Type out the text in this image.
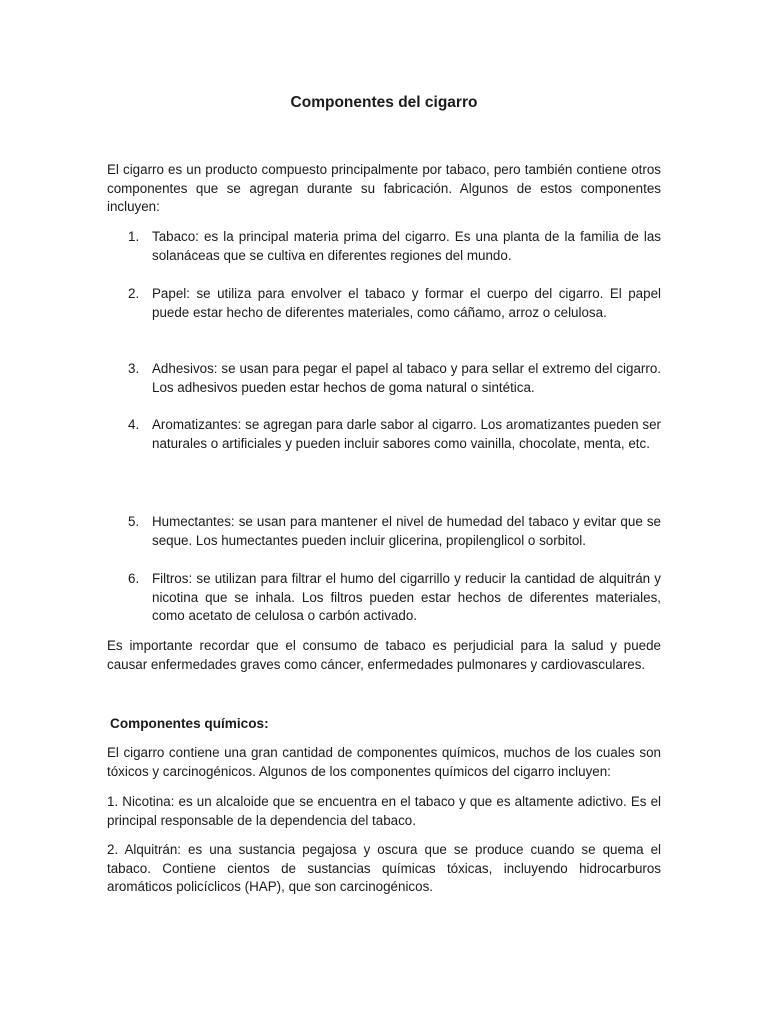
Componentes del cigarro

El cigarro es un producto compuesto principalmente por tabaco, pero también contiene otros componentes que se agregan durante su fabricación. Algunos de estos componentes incluyen:

1. Tabaco: es la principal materia prima del cigarro. Es una planta de la familia de las solanáceas que se cultiva en diferentes regiones del mundo.
2. Papel: se utiliza para envolver el tabaco y formar el cuerpo del cigarro. El papel puede estar hecho de diferentes materiales, como cáñamo, arroz o celulosa.
3. Adhesivos: se usan para pegar el papel al tabaco y para sellar el extremo del cigarro. Los adhesivos pueden estar hechos de goma natural o sintética.
4. Aromatizantes: se agregan para darle sabor al cigarro. Los aromatizantes pueden ser naturales o artificiales y pueden incluir sabores como vainilla, chocolate, menta, etc.
5. Humectantes: se usan para mantener el nivel de humedad del tabaco y evitar que se seque. Los humectantes pueden incluir glicerina, propilenglicol o sorbitol.
6. Filtros: se utilizan para filtrar el humo del cigarrillo y reducir la cantidad de alquitrán y nicotina que se inhala. Los filtros pueden estar hechos de diferentes materiales, como acetato de celulosa o carbón activado.

Es importante recordar que el consumo de tabaco es perjudicial para la salud y puede causar enfermedades graves como cáncer, enfermedades pulmonares y cardiovasculares.

Componentes químicos:

El cigarro contiene una gran cantidad de componentes químicos, muchos de los cuales son tóxicos y carcinogénicos. Algunos de los componentes químicos del cigarro incluyen:

1. Nicotina: es un alcaloide que se encuentra en el tabaco y que es altamente adictivo. Es el principal responsable de la dependencia del tabaco.

2. Alquitrán: es una sustancia pegajosa y oscura que se produce cuando se quema el tabaco. Contiene cientos de sustancias químicas tóxicas, incluyendo hidrocarburos aromáticos policíclicos (HAP), que son carcinogénicos.
